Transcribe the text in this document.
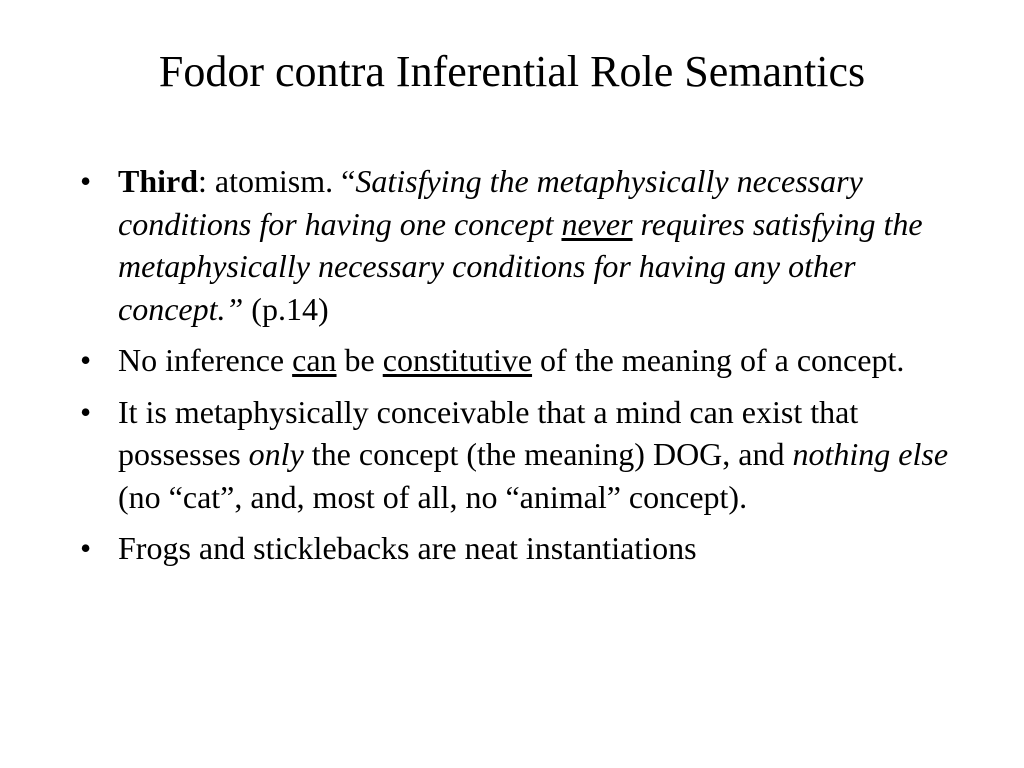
Fodor contra Inferential Role Semantics
• Third: atomism. “Satisfying the metaphysically necessary conditions for having one concept never requires satisfying the metaphysically necessary conditions for having any other concept.” (p.14)
• No inference can be constitutive of the meaning of a concept.
• It is metaphysically conceivable that a mind can exist that possesses only the concept (the meaning) DOG, and nothing else (no “cat”, and, most of all, no “animal” concept).
• Frogs and sticklebacks are neat instantiations
